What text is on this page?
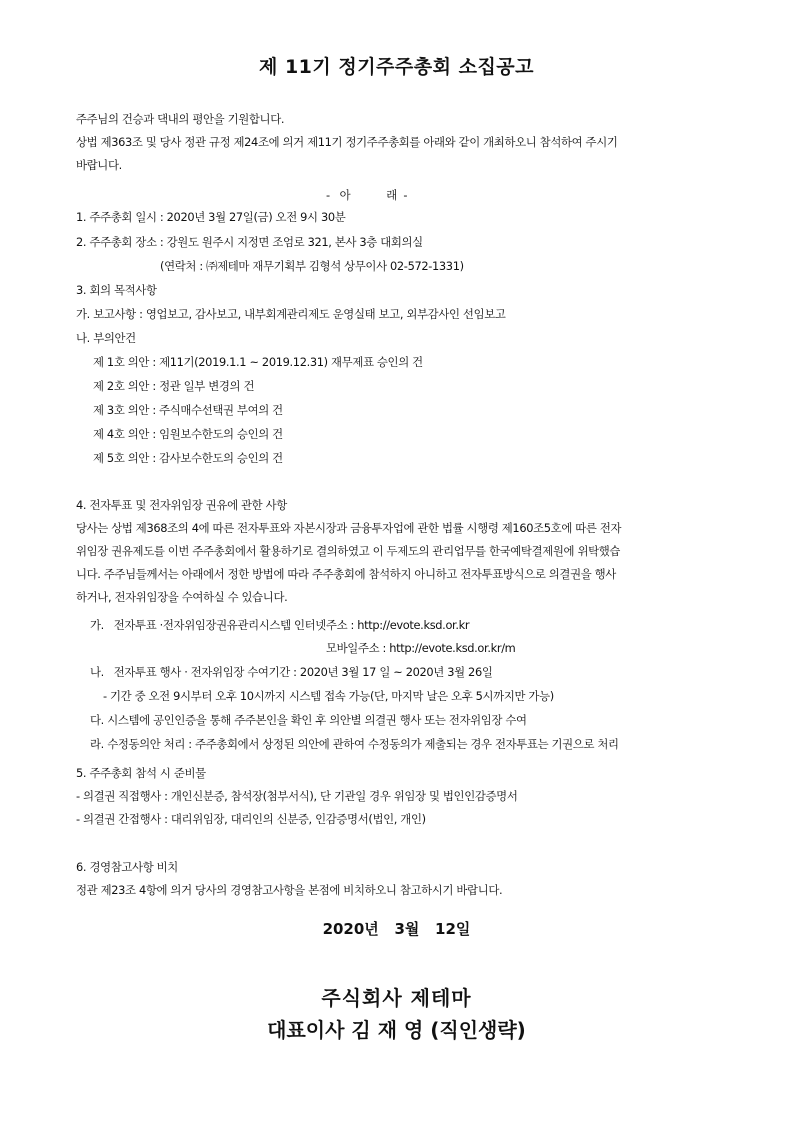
제 11기 정기주주총회 소집공고
주주님의 건승과 댁내의 평안을 기원합니다.
상법 제363조 및 당사 정관 규정 제24조에 의거 제11기 정기주주총회를 아래와 같이 개최하오니 참석하여 주시기
바랍니다.
-   아           래  -
1. 주주총회 일시 : 2020년 3월 27일(금) 오전 9시 30분
2. 주주총회 장소 : 강원도 원주시 지정면 조엄로 321, 본사 3층 대회의실
(연락처 : ㈜제테마 재무기획부 김형석 상무이사 02-572-1331)
3. 회의 목적사항
가. 보고사항 : 영업보고, 감사보고, 내부회계관리제도 운영실태 보고, 외부감사인 선임보고
나. 부의안건
제 1호 의안 : 제11기(2019.1.1 ~ 2019.12.31) 재무제표 승인의 건
제 2호 의안 : 정관 일부 변경의 건
제 3호 의안 : 주식매수선택권 부여의 건
제 4호 의안 : 임원보수한도의 승인의 건
제 5호 의안 : 감사보수한도의 승인의 건
4. 전자투표 및 전자위임장 권유에 관한 사항
당사는 상법 제368조의 4에 따른 전자투표와 자본시장과 금융투자업에 관한 법률 시행령 제160조5호에 따른 전자
위임장 권유제도를 이번 주주총회에서 활용하기로 결의하였고 이 두제도의 관리업무를 한국예탁결제원에 위탁했습
니다. 주주님들께서는 아래에서 정한 방법에 따라 주주총회에 참석하지 아니하고 전자투표방식으로 의결권을 행사
하거나, 전자위임장을 수여하실 수 있습니다.
가.   전자투표 ·전자위임장권유관리시스템 인터넷주소 : http://evote.ksd.or.kr
모바일주소 : http://evote.ksd.or.kr/m
나.   전자투표 행사 · 전자위임장 수여기간 : 2020년 3월 17 일 ~ 2020년 3월 26일
- 기간 중 오전 9시부터 오후 10시까지 시스템 접속 가능(단, 마지막 날은 오후 5시까지만 가능)
다. 시스템에 공인인증을 통해 주주본인을 확인 후 의안별 의결권 행사 또는 전자위임장 수여
라. 수정동의안 처리 : 주주총회에서 상정된 의안에 관하여 수정동의가 제출되는 경우 전자투표는 기권으로 처리
5. 주주총회 참석 시 준비물
- 의결권 직접행사 : 개인신분증, 참석장(첨부서식), 단 기관일 경우 위임장 및 법인인감증명서
- 의결권 간접행사 : 대리위임장, 대리인의 신분증, 인감증명서(법인, 개인)
6. 경영참고사항 비치
정관 제23조 4항에 의거 당사의 경영참고사항을 본점에 비치하오니 참고하시기 바랍니다.
2020년   3월   12일
주식회사 제테마
대표이사 김 재 영 (직인생략)
